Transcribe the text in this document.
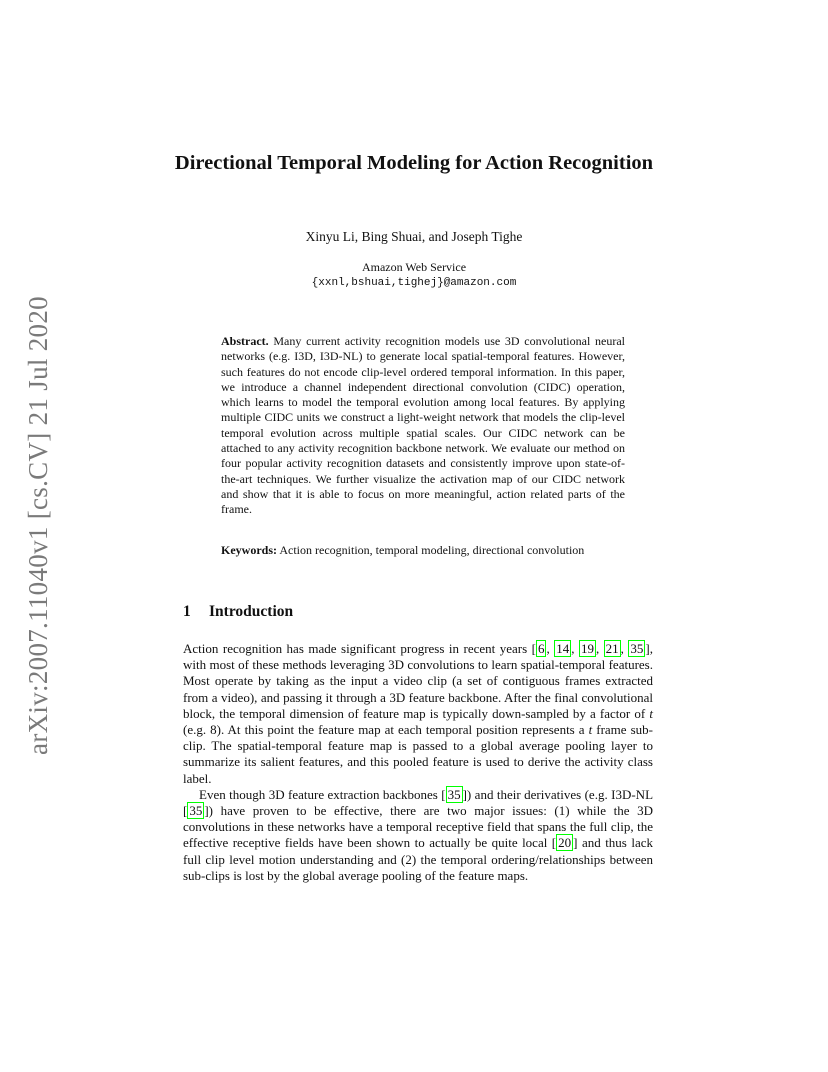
arXiv:2007.11040v1 [cs.CV] 21 Jul 2020
Directional Temporal Modeling for Action Recognition
Xinyu Li, Bing Shuai, and Joseph Tighe
Amazon Web Service
{xxnl,bshuai,tighej}@amazon.com
Abstract. Many current activity recognition models use 3D convolutional neural networks (e.g. I3D, I3D-NL) to generate local spatial-temporal features. However, such features do not encode clip-level ordered temporal information. In this paper, we introduce a channel independent directional convolution (CIDC) operation, which learns to model the temporal evolution among local features. By applying multiple CIDC units we construct a light-weight network that models the clip-level temporal evolution across multiple spatial scales. Our CIDC network can be attached to any activity recognition backbone network. We evaluate our method on four popular activity recognition datasets and consistently improve upon state-of-the-art techniques. We further visualize the activation map of our CIDC network and show that it is able to focus on more meaningful, action related parts of the frame.
Keywords: Action recognition, temporal modeling, directional convolution
1 Introduction

Action recognition has made significant progress in recent years [ 6 , 14 , 19 , 21 , 35 ], with most of these methods leveraging 3D convolutions to learn spatial-temporal features. Most operate by taking as the input a video clip (a set of contiguous frames extracted from a video), and passing it through a 3D feature backbone. After the final convolutional block, the temporal dimension of feature map is typically down-sampled by a factor of t (e.g. 8). At this point the feature map at each temporal position represents a t frame sub-clip. The spatial-temporal feature map is passed to a global average pooling layer to summarize its salient features, and this pooled feature is used to derive the activity class label.

Even though 3D feature extraction backbones [ 35 ]) and their derivatives (e.g. I3D-NL [ 35 ]) have proven to be effective, there are two major issues: (1) while the 3D convolutions in these networks have a temporal receptive field that spans the full clip, the effective receptive fields have been shown to actually be quite local [ 20 ] and thus lack full clip level motion understanding and (2) the temporal ordering/relationships between sub-clips is lost by the global average pooling of the feature maps.
